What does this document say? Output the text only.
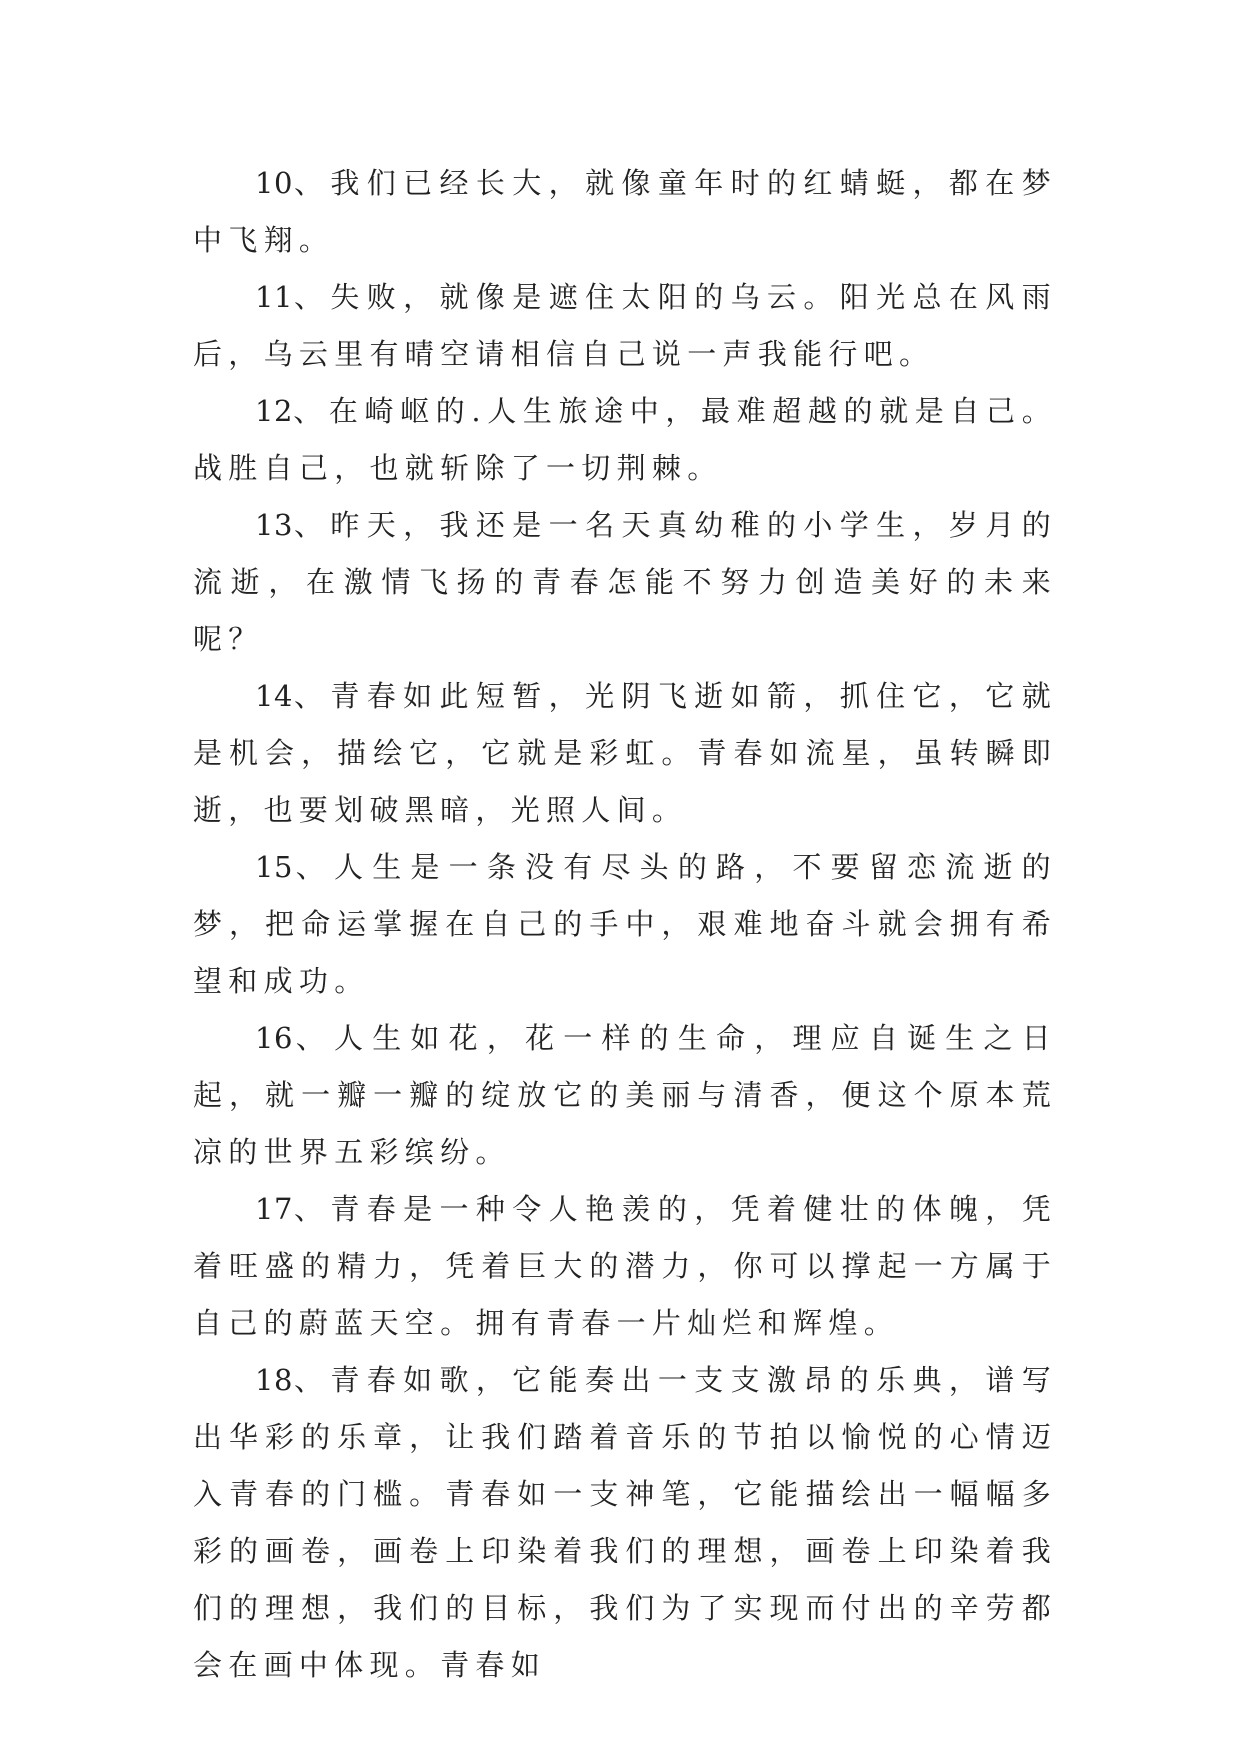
10、我们已经长大，就像童年时的红蜻蜓，都在梦中飞翔。

11、失败，就像是遮住太阳的乌云。阳光总在风雨后，乌云里有晴空请相信自己说一声我能行吧。

12、在崎岖的.人生旅途中，最难超越的就是自己。战胜自己，也就斩除了一切荆棘。

13、昨天，我还是一名天真幼稚的小学生，岁月的流逝，在激情飞扬的青春怎能不努力创造美好的未来呢？

14、青春如此短暂，光阴飞逝如箭，抓住它，它就是机会，描绘它，它就是彩虹。青春如流星，虽转瞬即逝，也要划破黑暗，光照人间。

15、人生是一条没有尽头的路，不要留恋流逝的梦，把命运掌握在自己的手中，艰难地奋斗就会拥有希望和成功。

16、人生如花，花一样的生命，理应自诞生之日起，就一瓣一瓣的绽放它的美丽与清香，便这个原本荒凉的世界五彩缤纷。

17、青春是一种令人艳羡的，凭着健壮的体魄，凭着旺盛的精力，凭着巨大的潜力，你可以撑起一方属于自己的蔚蓝天空。拥有青春一片灿烂和辉煌。

18、青春如歌，它能奏出一支支激昂的乐典，谱写出华彩的乐章，让我们踏着音乐的节拍以愉悦的心情迈入青春的门槛。青春如一支神笔，它能描绘出一幅幅多彩的画卷，画卷上印染着我们的理想，画卷上印染着我们的理想，我们的目标，我们为了实现而付出的辛劳都会在画中体现。青春如
